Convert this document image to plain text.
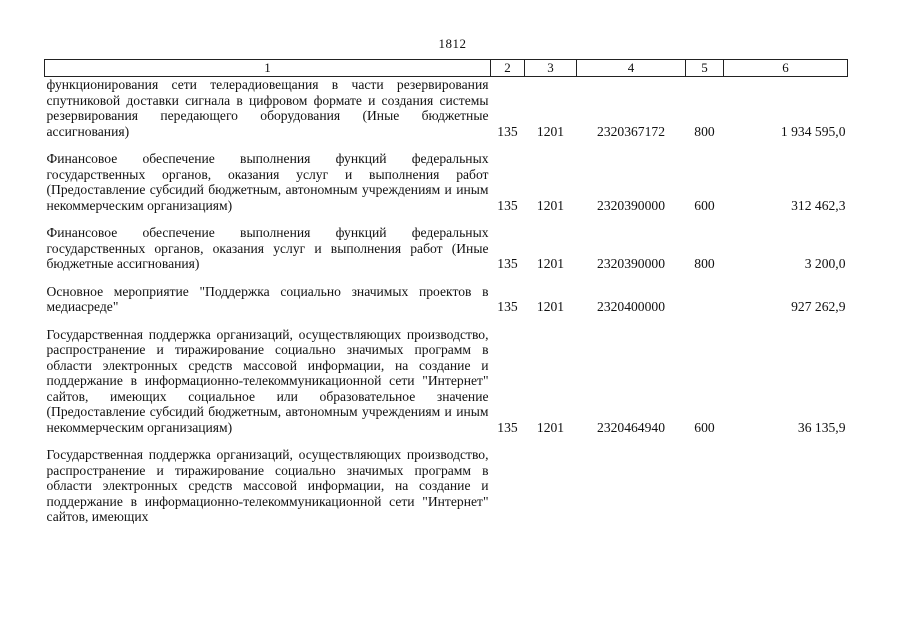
1812
1	2	3	4	5	6
функционирования сети телерадиовещания в части резервирования спутниковой доставки сигнала в цифровом формате и создания системы резервирования передающего оборудования (Иные бюджетные ассигнования)	135	1201	2320367172	800	1 934 595,0
Финансовое обеспечение выполнения функций федеральных государственных органов, оказания услуг и выполнения работ (Предоставление субсидий бюджетным, автономным учреждениям и иным некоммерческим организациям)	135	1201	2320390000	600	312 462,3
Финансовое обеспечение выполнения функций федеральных государственных органов, оказания услуг и выполнения работ (Иные бюджетные ассигнования)	135	1201	2320390000	800	3 200,0
Основное мероприятие "Поддержка социально значимых проектов в медиасреде"	135	1201	2320400000		927 262,9
Государственная поддержка организаций, осуществляющих производство, распространение и тиражирование социально значимых программ в области электронных средств массовой информации, на создание и поддержание в информационно-телекоммуникационной сети "Интернет" сайтов, имеющих социальное или образовательное значение (Предоставление субсидий бюджетным, автономным учреждениям и иным некоммерческим организациям)	135	1201	2320464940	600	36 135,9
Государственная поддержка организаций, осуществляющих производство, распространение и тиражирование социально значимых программ в области электронных средств массовой информации, на создание и поддержание в информационно-телекоммуникационной сети "Интернет" сайтов, имеющих					
